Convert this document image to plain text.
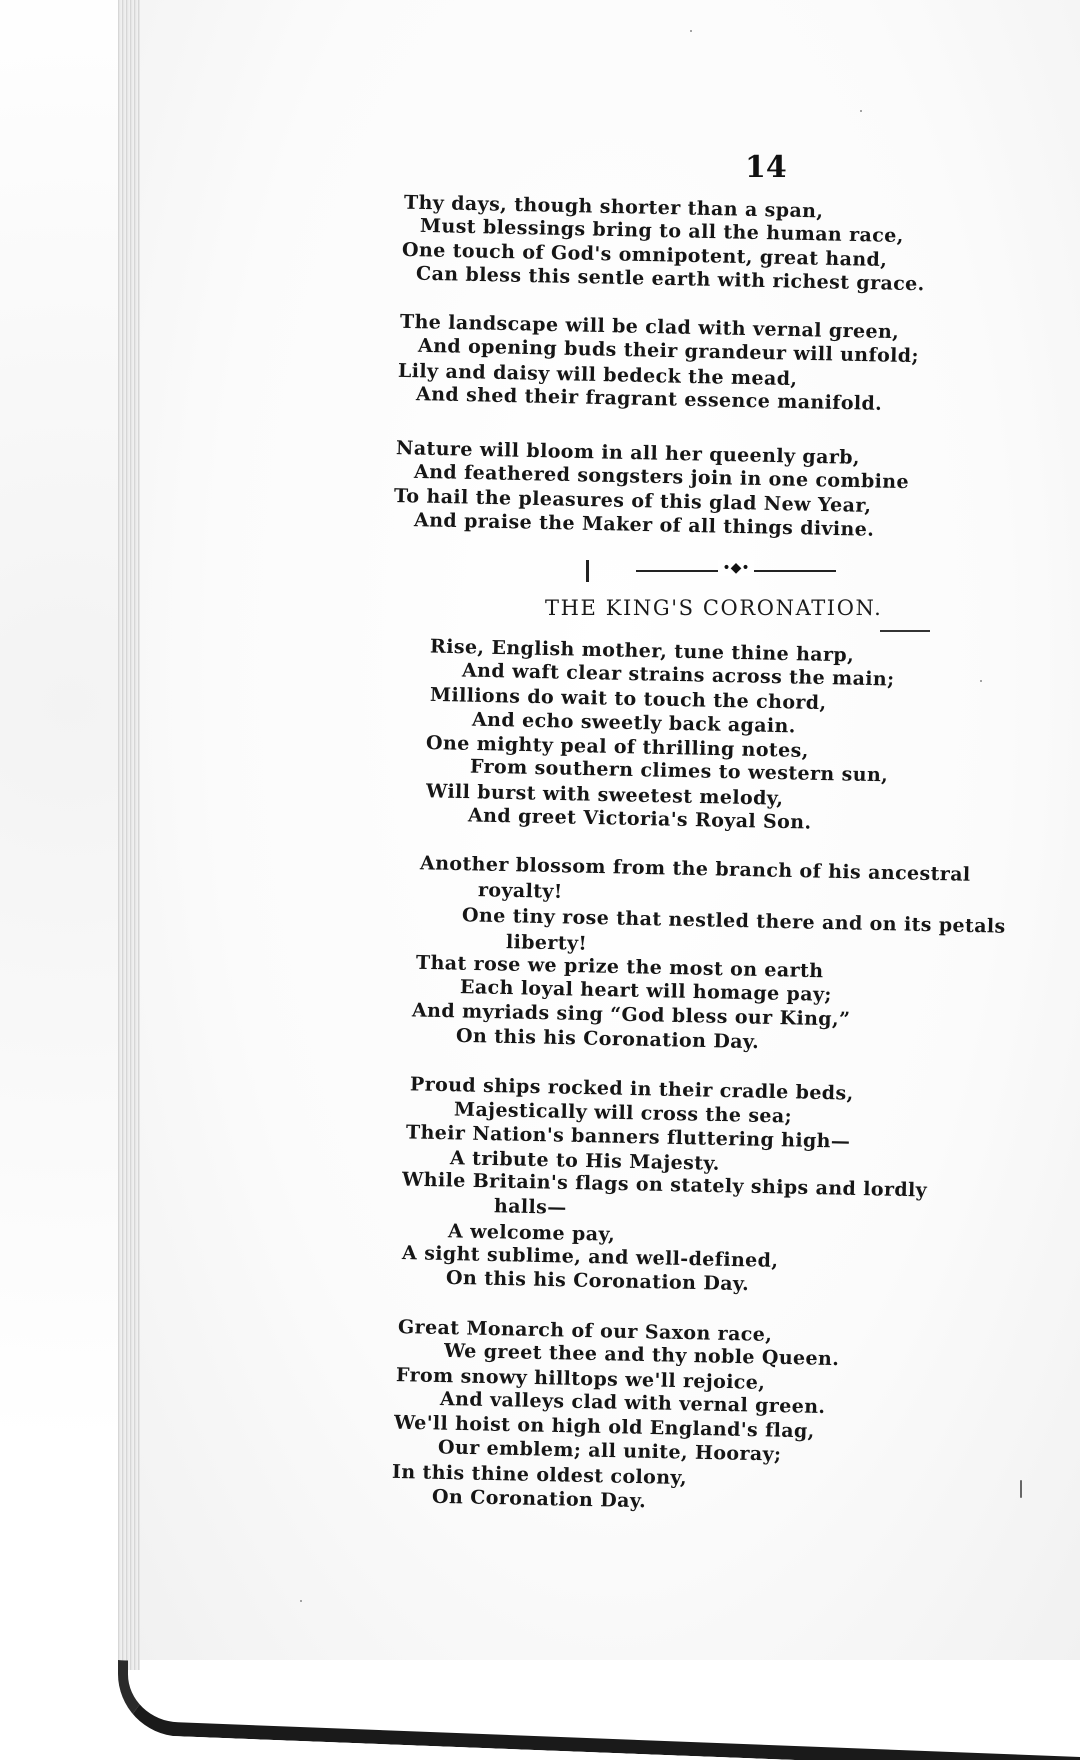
14
Thy days, though shorter than a span,
Must blessings bring to all the human race,
One touch of God's omnipotent, great hand,
Can bless this sentle earth with richest grace.
The landscape will be clad with vernal green,
And opening buds their grandeur will unfold;
Lily and daisy will bedeck the mead,
And shed their fragrant essence manifold.
Nature will bloom in all her queenly garb,
And feathered songsters join in one combine
To hail the pleasures of this glad New Year,
And praise the Maker of all things divine.
•◆•
THE KING'S CORONATION.
Rise, English mother, tune thine harp,
And waft clear strains across the main;
Millions do wait to touch the chord,
And echo sweetly back again.
One mighty peal of thrilling notes,
From southern climes to western sun,
Will burst with sweetest melody,
And greet Victoria's Royal Son.
Another blossom from the branch of his ancestral
royalty!
One tiny rose that nestled there and on its petals
liberty!
That rose we prize the most on earth
Each loyal heart will homage pay;
And myriads sing “God bless our King,”
On this his Coronation Day.
Proud ships rocked in their cradle beds,
Majestically will cross the sea;
Their Nation's banners fluttering high—
A tribute to His Majesty.
While Britain's flags on stately ships and lordly
halls—
A welcome pay,
A sight sublime, and well-defined,
On this his Coronation Day.
Great Monarch of our Saxon race,
We greet thee and thy noble Queen.
From snowy hilltops we'll rejoice,
And valleys clad with vernal green.
We'll hoist on high old England's flag,
Our emblem; all unite, Hooray;
In this thine oldest colony,
On Coronation Day.
